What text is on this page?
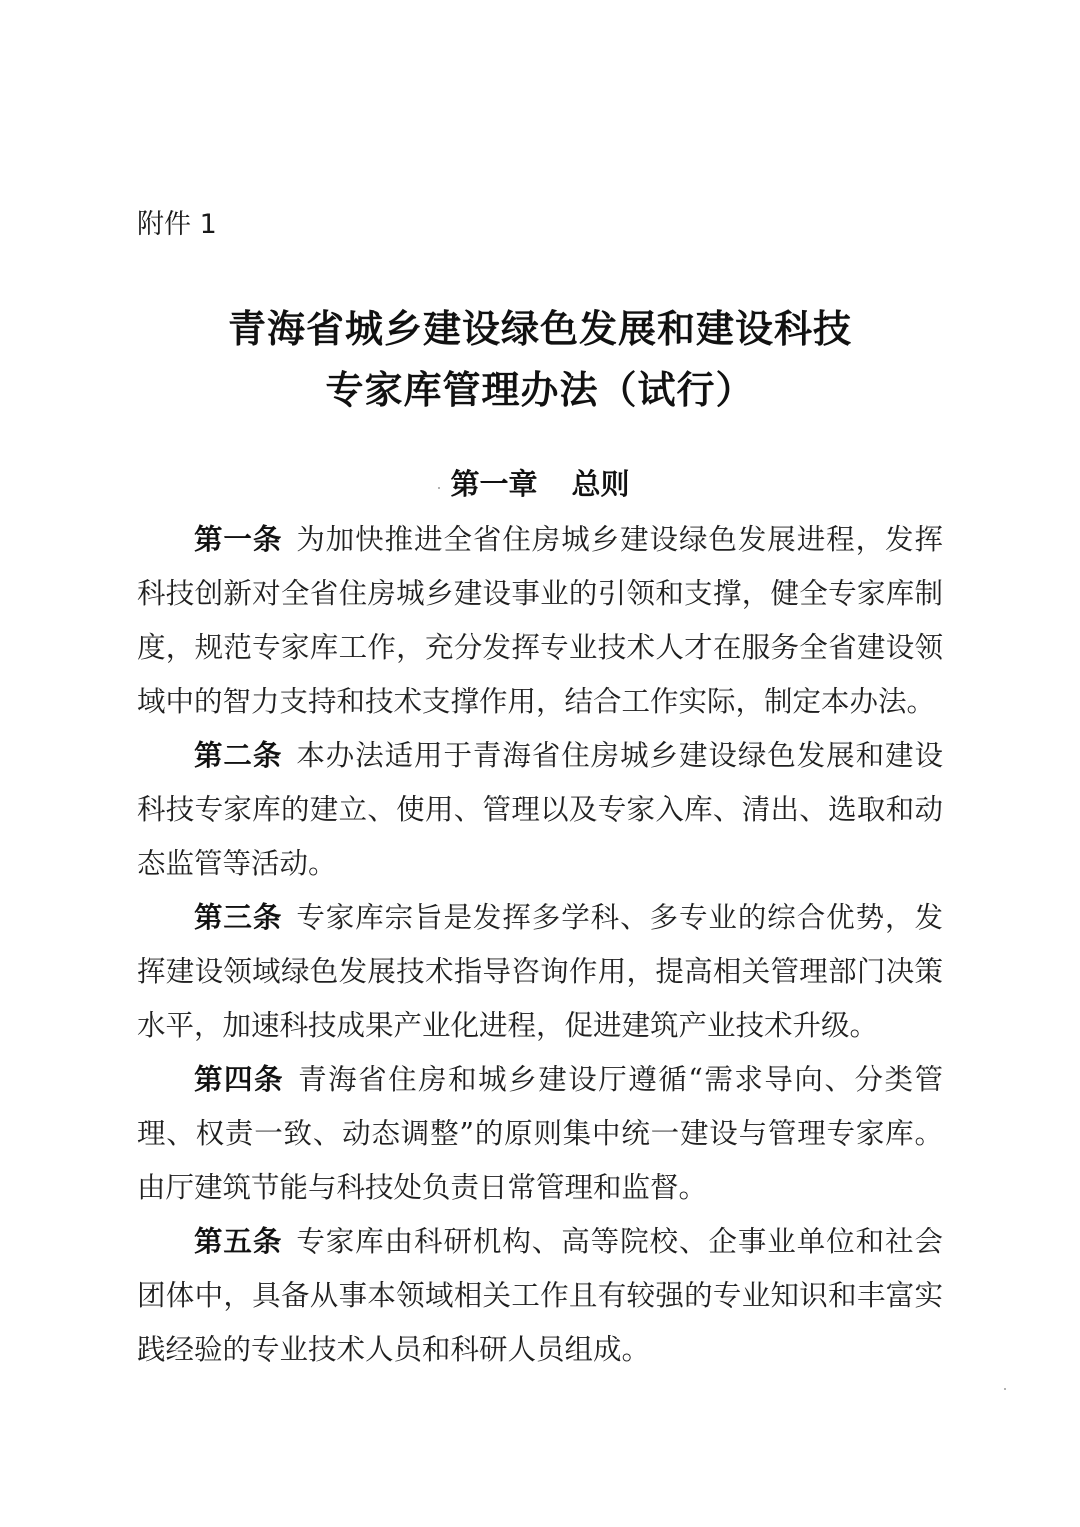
附件 1
青海省城乡建设绿色发展和建设科技
专家库管理办法（试行）
第一章 总则
第一条 为加快推进全省住房城乡建设绿色发展进程，发挥
科技创新对全省住房城乡建设事业的引领和支撑，健全专家库制
度，规范专家库工作，充分发挥专业技术人才在服务全省建设领
域中的智力支持和技术支撑作用，结合工作实际，制定本办法。
第二条 本办法适用于青海省住房城乡建设绿色发展和建设
科技专家库的建立、使用、管理以及专家入库、清出、选取和动
态监管等活动。
第三条 专家库宗旨是发挥多学科、多专业的综合优势，发
挥建设领域绿色发展技术指导咨询作用，提高相关管理部门决策
水平，加速科技成果产业化进程，促进建筑产业技术升级。
第四条 青海省住房和城乡建设厅遵循“需求导向、分类管
理、权责一致、动态调整”的原则集中统一建设与管理专家库。
由厅建筑节能与科技处负责日常管理和监督。
第五条 专家库由科研机构、高等院校、企事业单位和社会
团体中，具备从事本领域相关工作且有较强的专业知识和丰富实
践经验的专业技术人员和科研人员组成。
